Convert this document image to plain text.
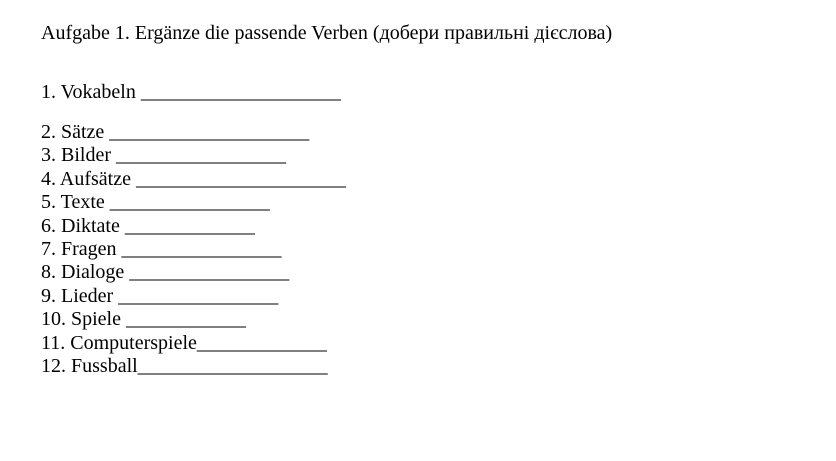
Aufgabe 1. Ergänze die passende Verben (добери правильні дієслова)
1. Vokabeln ____________________
2. Sätze ____________________
3. Bilder _________________
4. Aufsätze _____________________
5. Texte ________________
6. Diktate _____________
7. Fragen ________________
8. Dialoge ________________
9. Lieder ________________
10. Spiele ____________
11. Computerspiele_____________
12. Fussball___________________
